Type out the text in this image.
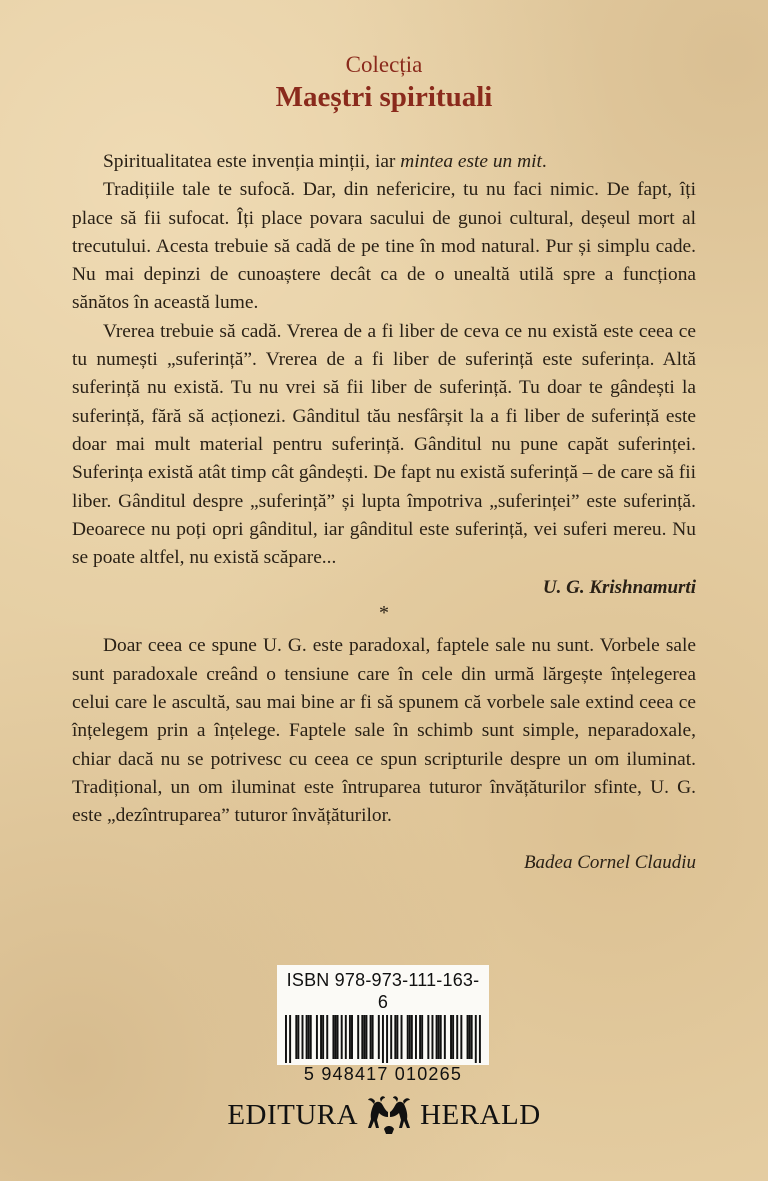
Colecția
Maeștri spirituali

Spiritualitatea este invenția minții, iar mintea este un mit.

Tradițiile tale te sufocă. Dar, din nefericire, tu nu faci nimic. De fapt, îți place să fii sufocat. Îți place povara sacului de gunoi cultural, deșeul mort al trecutului. Acesta trebuie să cadă de pe tine în mod natural. Pur și simplu cade. Nu mai depinzi de cunoaștere decât ca de o unealtă utilă spre a funcționa sănătos în această lume.

Vrerea trebuie să cadă. Vrerea de a fi liber de ceva ce nu există este ceea ce tu numești „suferință”. Vrerea de a fi liber de suferință este suferința. Altă suferință nu există. Tu nu vrei să fii liber de suferință. Tu doar te gândești la suferință, fără să acționezi. Gânditul tău nesfârșit la a fi liber de suferință este doar mai mult material pentru suferință. Gânditul nu pune capăt suferinței. Suferința există atât timp cât gândești. De fapt nu există suferință – de care să fii liber. Gânditul despre „suferință” și lupta împotriva „suferinței” este suferință. Deoarece nu poți opri gânditul, iar gânditul este suferință, vei suferi mereu. Nu se poate altfel, nu există scăpare...

U. G. Krishnamurti
*

Doar ceea ce spune U. G. este paradoxal, faptele sale nu sunt. Vorbele sale sunt paradoxale creând o tensiune care în cele din urmă lărgește înțelegerea celui care le ascultă, sau mai bine ar fi să spunem că vorbele sale extind ceea ce înțelegem prin a înțelege. Faptele sale în schimb sunt simple, neparadoxale, chiar dacă nu se potrivesc cu ceea ce spun scripturile despre un om iluminat. Tradițional, un om iluminat este întruparea tuturor învățăturilor sfinte, U. G. este „dezîntruparea” tuturor învățăturilor.

Badea Cornel Claudiu
ISBN 978-973-111-163-6
5 948417 010265
EDITURA HERALD
